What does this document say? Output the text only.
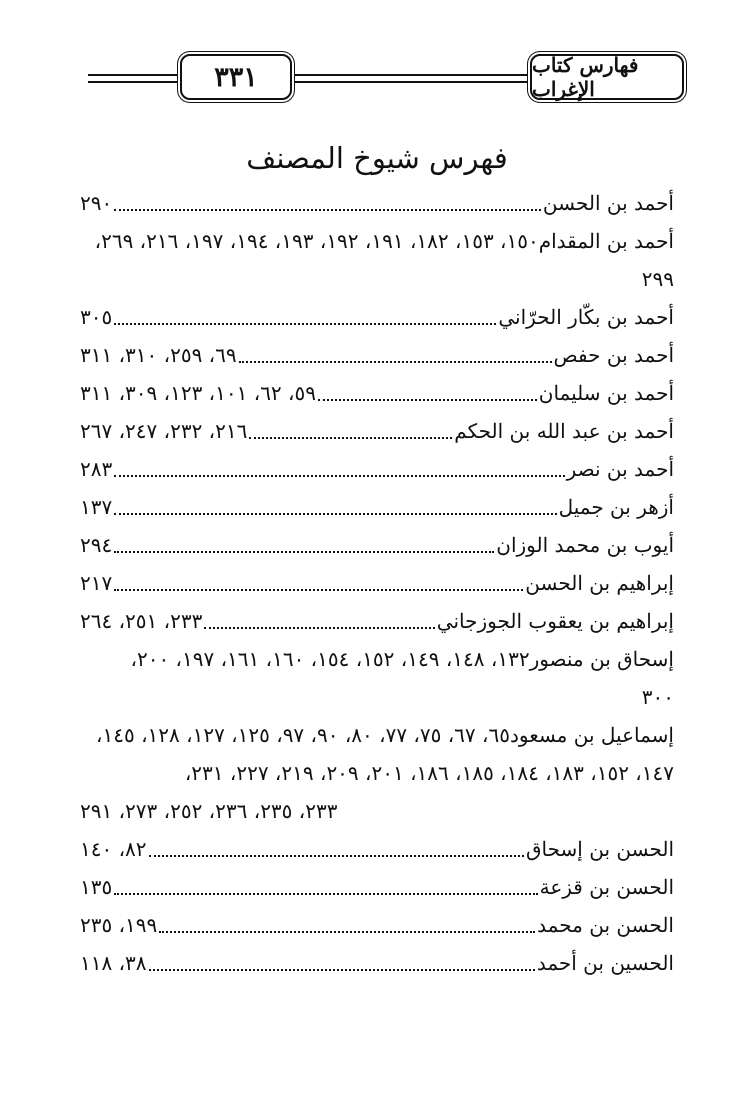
٣٣١	فهارس كتاب الإغراب
فهرس شيوخ المصنف
أحمد بن الحسن
٢٩٠
أحمد بن المقدام
١٥٠، ١٥٣، ١٨٢، ١٩١، ١٩٢، ١٩٣، ١٩٤، ١٩٧، ٢١٦، ٢٦٩،
٢٩٩
أحمد بن بكّار الحرّاني
٣٠٥
أحمد بن حفص
٦٩، ٢٥٩، ٣١٠، ٣١١
أحمد بن سليمان
٥٩، ٦٢، ١٠١، ١٢٣، ٣٠٩، ٣١١
أحمد بن عبد الله بن الحكم
٢١٦، ٢٣٢، ٢٤٧، ٢٦٧
أحمد بن نصر
٢٨٣
أزهر بن جميل
١٣٧
أيوب بن محمد الوزان
٢٩٤
إبراهيم بن الحسن
٢١٧
إبراهيم بن يعقوب الجوزجاني
٢٣٣، ٢٥١، ٢٦٤
إسحاق بن منصور
١٣٢، ١٤٨، ١٤٩، ١٥٢، ١٥٤، ١٦٠، ١٦١، ١٩٧، ٢٠٠،
٣٠٠
إسماعيل بن مسعود
٦٥، ٦٧، ٧٥، ٧٧، ٨٠، ٩٠، ٩٧، ١٢٥، ١٢٧، ١٢٨، ١٤٥،
١٤٧، ١٥٢، ١٨٣، ١٨٤، ١٨٥، ١٨٦، ٢٠١، ٢٠٩، ٢١٩، ٢٢٧، ٢٣١،
٢٣٣، ٢٣٥، ٢٣٦، ٢٥٢، ٢٧٣، ٢٩١
الحسن بن إسحاق
٨٢، ١٤٠
الحسن بن قزعة
١٣٥
الحسن بن محمد
١٩٩، ٢٣٥
الحسين بن أحمد
٣٨، ١١٨
